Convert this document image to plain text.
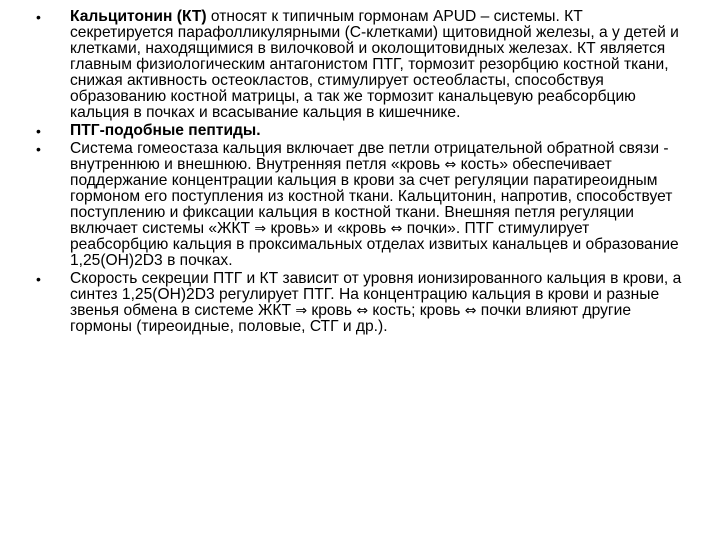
•	Кальцитонин (КТ) относят к типичным гормонам APUD – системы. КТ секретируется парафолликулярными (С-клетками) щитовидной железы, а у детей и клетками, находящимися в вилочковой и околощитовидных железах. КТ является главным физиологическим антагонистом ПТГ, тормозит резорбцию костной ткани, снижая активность остеокластов, стимулирует остеобласты, способствуя образованию костной матрицы, а так же тормозит канальцевую реабсорбцию кальция в почках и всасывание кальция в кишечнике.
•	ПТГ-подобные пептиды.
•	Система гомеостаза кальция включает две петли отрицательной обратной связи - внутреннюю и внешнюю. Внутренняя петля «кровь ⇔ кость» обеспечивает поддержание концентрации кальция в крови за счет регуляции паратиреоидным гормоном его поступления из костной ткани. Кальцитонин, напротив, способствует поступлению и фиксации кальция в костной ткани. Внешняя петля регуляции включает системы «ЖКТ ⇒ кровь» и «кровь ⇔ почки». ПТГ стимулирует реабсорбцию кальция в проксимальных отделах извитых канальцев и образование 1,25(ОН)2D3 в почках.
•	Скорость секреции ПТГ и КТ зависит от уровня ионизированного кальция в крови, а синтез 1,25(ОН)2D3 регулирует ПТГ. На концентрацию кальция в крови и разные звенья обмена в системе ЖКТ ⇒ кровь ⇔ кость; кровь ⇔ почки влияют другие гормоны (тиреоидные, половые, СТГ и др.).
